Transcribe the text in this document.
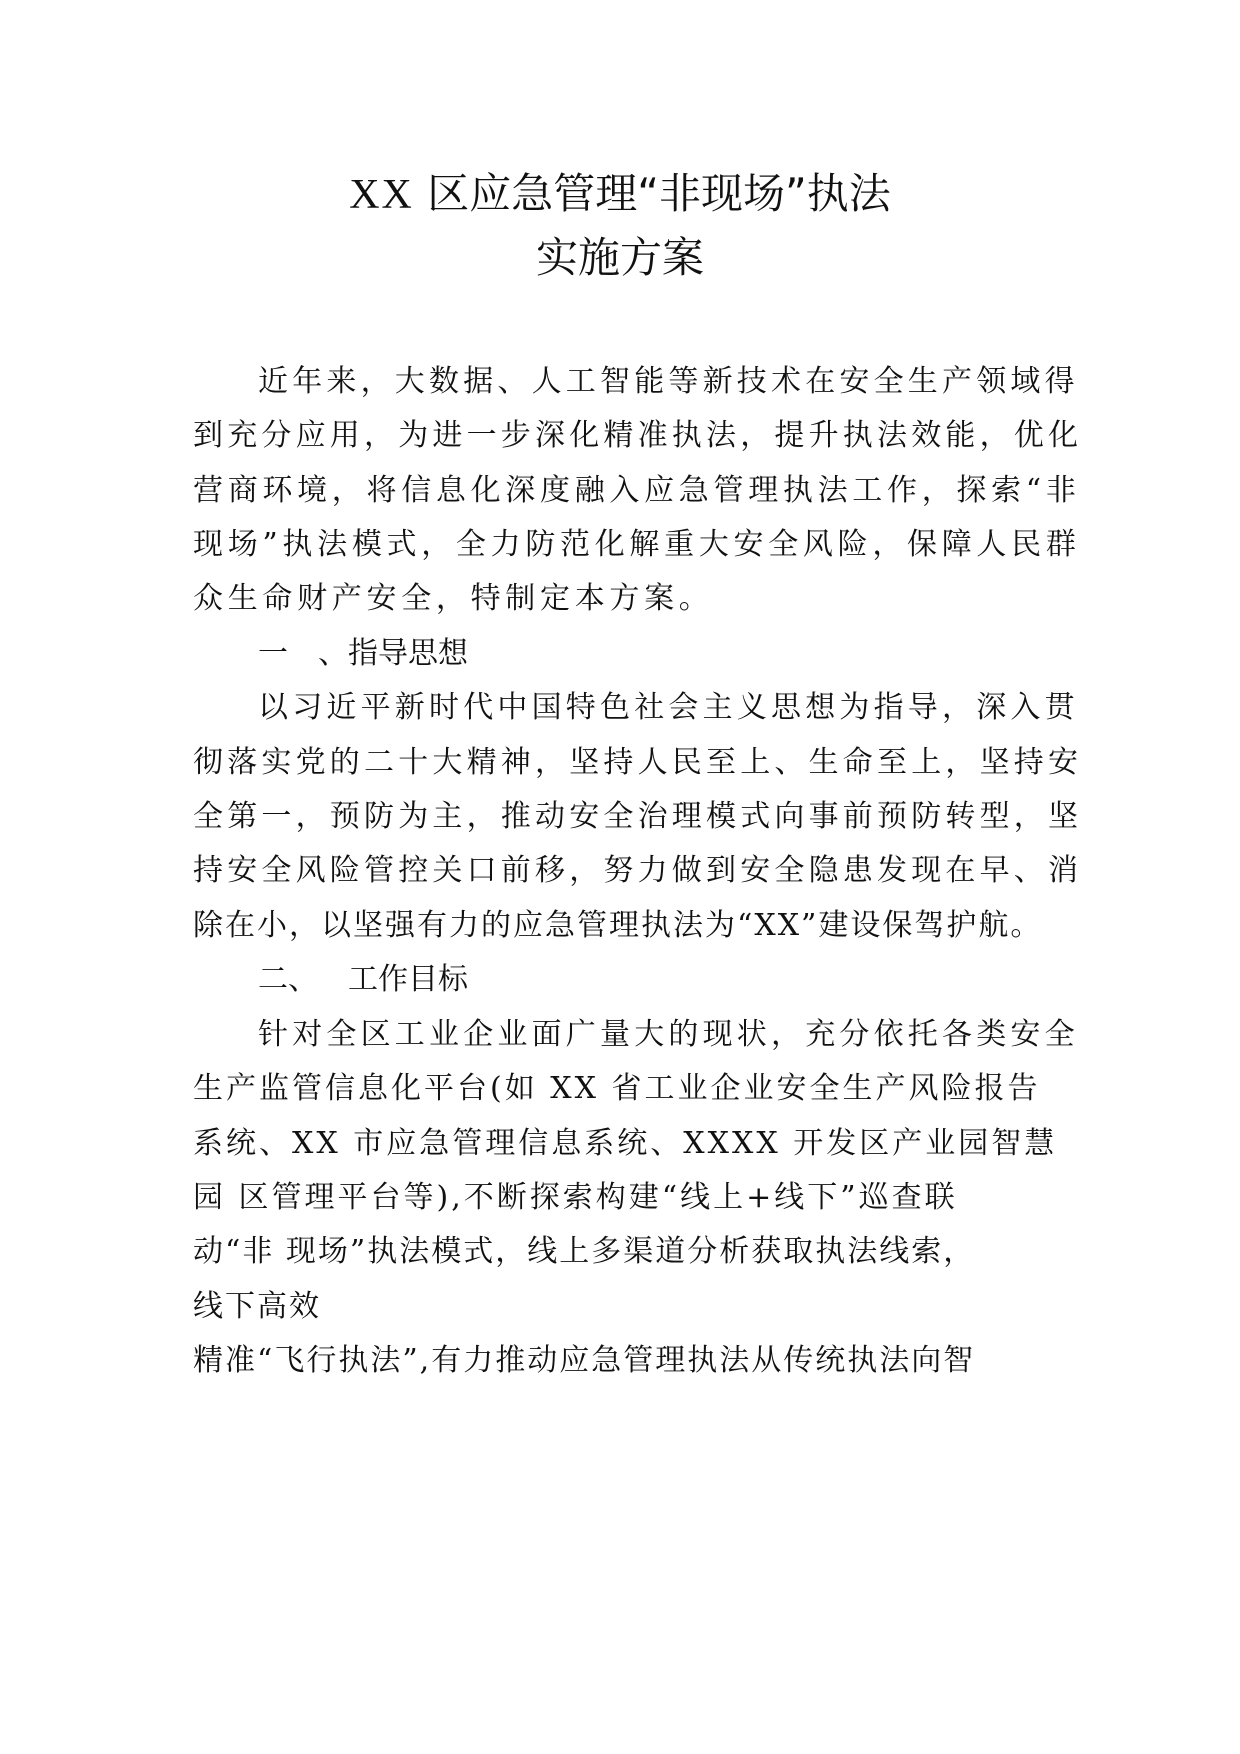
XX 区应急管理“非现场”执法
实施方案
近年来，大数据、人工智能等新技术在安全生产领域得
到充分应用，为进一步深化精准执法，提升执法效能，优化
营商环境，将信息化深度融入应急管理执法工作，探索“非
现场”执法模式，全力防范化解重大安全风险，保障人民群
众生命财产安全，特制定本方案。
一 、指导思想
以习近平新时代中国特色社会主义思想为指导，深入贯
彻落实党的二十大精神，坚持人民至上、生命至上，坚持安
全第一，预防为主，推动安全治理模式向事前预防转型，坚
持安全风险管控关口前移，努力做到安全隐患发现在早、消
除在小，以坚强有力的应急管理执法为“XX”建设保驾护航。
二、 工作目标
针对全区工业企业面广量大的现状，充分依托各类安全
生产监管信息化平台(如 XX 省工业企业安全生产风险报告
系统、XX 市应急管理信息系统、XXXX 开发区产业园智慧
园 区管理平台等),不断探索构建“线上+线下”巡查联
动“非 现场”执法模式，线上多渠道分析获取执法线索，
线下高效
精准“飞行执法”,有力推动应急管理执法从传统执法向智
